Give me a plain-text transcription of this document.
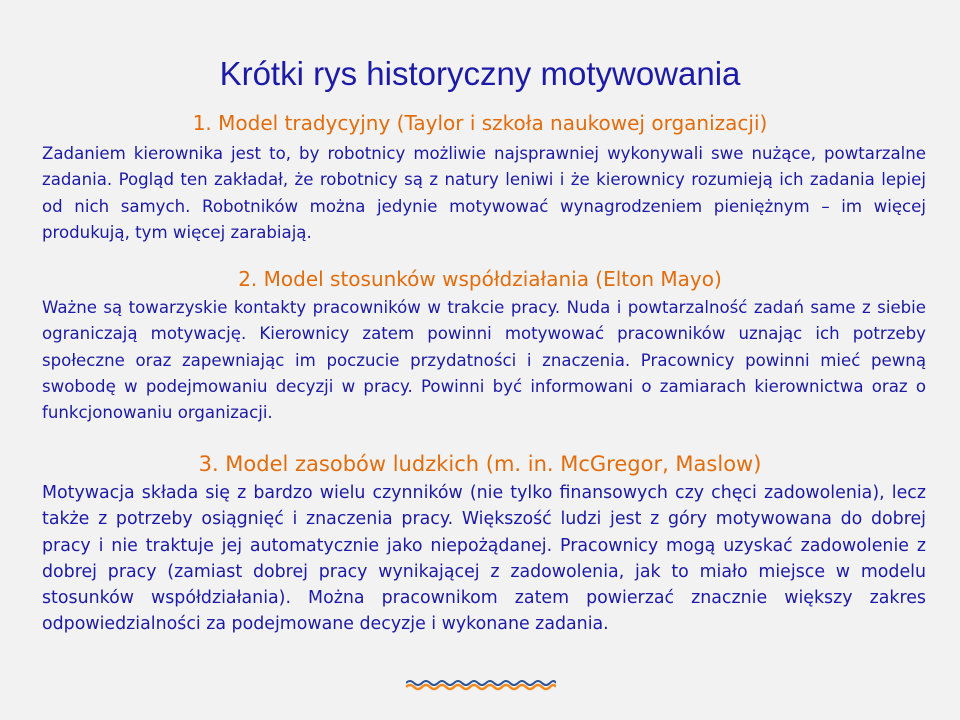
Krótki rys historyczny motywowania
1. Model tradycyjny (Taylor i szkoła naukowej organizacji)

Zadaniem kierownika jest to, by robotnicy możliwie najsprawniej wykonywali swe nużące, powtarzalne zadania. Pogląd ten zakładał, że robotnicy są z natury leniwi i że kierownicy rozumieją ich zadania lepiej od nich samych. Robotników można jedynie motywować wynagrodzeniem pieniężnym – im więcej produkują, tym więcej zarabiają.

2. Model stosunków współdziałania (Elton Mayo)

Ważne są towarzyskie kontakty pracowników w trakcie pracy. Nuda i powtarzalność zadań same z siebie ograniczają motywację. Kierownicy zatem powinni motywować pracowników uznając ich potrzeby społeczne oraz zapewniając im poczucie przydatności i znaczenia. Pracownicy powinni mieć pewną swobodę w podejmowaniu decyzji w pracy. Powinni być informowani o zamiarach kierownictwa oraz o funkcjonowaniu organizacji.

3. Model zasobów ludzkich (m. in. McGregor, Maslow)

Motywacja składa się z bardzo wielu czynników (nie tylko finansowych czy chęci zadowolenia), lecz także z potrzeby osiągnięć i znaczenia pracy. Większość ludzi jest z góry motywowana do dobrej pracy i nie traktuje jej automatycznie jako niepożądanej. Pracownicy mogą uzyskać zadowolenie z dobrej pracy (zamiast dobrej pracy wynikającej z zadowolenia, jak to miało miejsce w modelu stosunków współdziałania). Można pracownikom zatem powierzać znacznie większy zakres odpowiedzialności za podejmowane decyzje i wykonane zadania.
